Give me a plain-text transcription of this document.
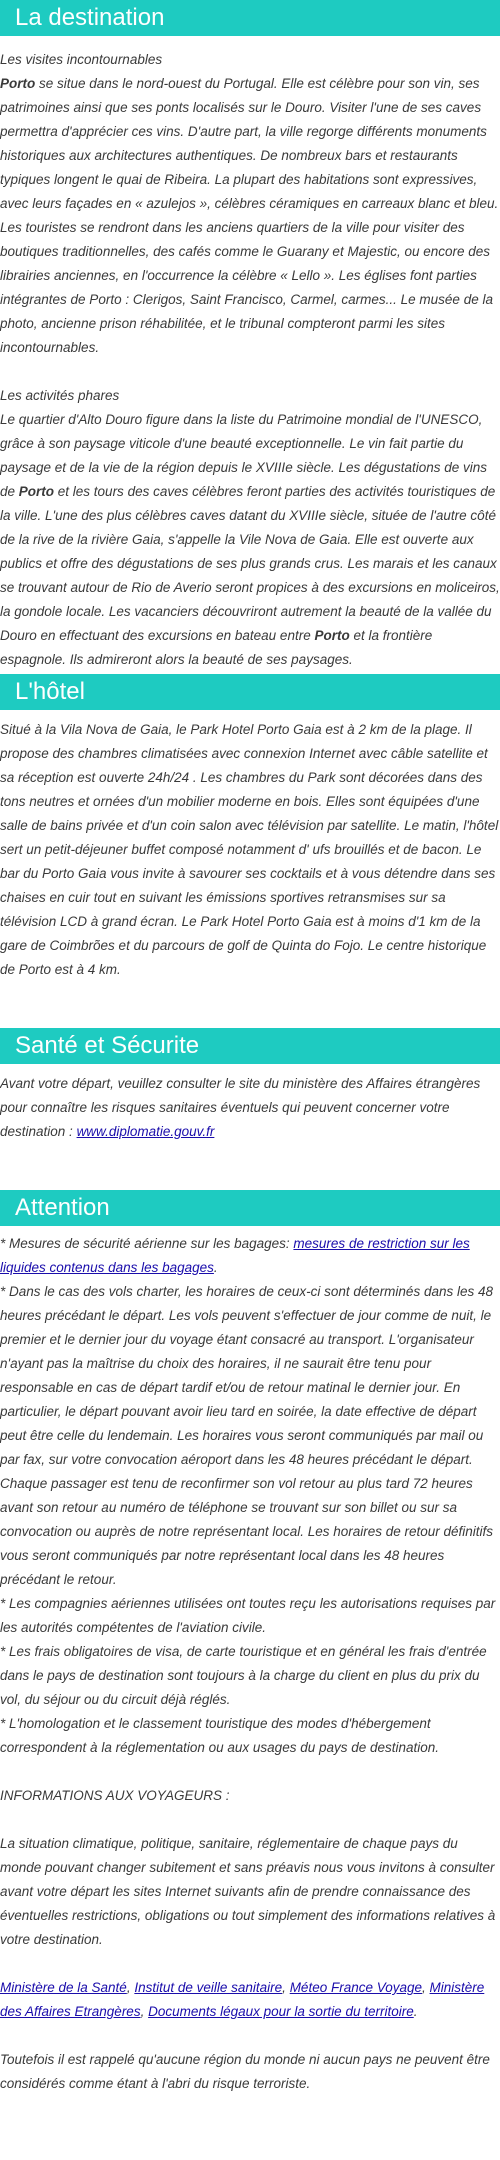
La destination

Les visites incontournables

Porto se situe dans le nord-ouest du Portugal. Elle est célèbre pour son vin, ses patrimoines ainsi que ses ponts localisés sur le Douro. Visiter l'une de ses caves permettra d'apprécier ces vins. D'autre part, la ville regorge différents monuments historiques aux architectures authentiques. De nombreux bars et restaurants typiques longent le quai de Ribeira. La plupart des habitations sont expressives, avec leurs façades en « azulejos », célèbres céramiques en carreaux blanc et bleu. Les touristes se rendront dans les anciens quartiers de la ville pour visiter des boutiques traditionnelles, des cafés comme le Guarany et Majestic, ou encore des librairies anciennes, en l'occurrence la célèbre « Lello ». Les églises font parties intégrantes de Porto : Clerigos, Saint Francisco, Carmel, carmes... Le musée de la photo, ancienne prison réhabilitée, et le tribunal compteront parmi les sites incontournables.

Les activités phares

Le quartier d'Alto Douro figure dans la liste du Patrimoine mondial de l'UNESCO, grâce à son paysage viticole d'une beauté exceptionnelle. Le vin fait partie du paysage et de la vie de la région depuis le XVIIIe siècle. Les dégustations de vins de Porto et les tours des caves célèbres feront parties des activités touristiques de la ville. L'une des plus célèbres caves datant du XVIIIe siècle, située de l'autre côté de la rive de la rivière Gaia, s'appelle la Vile Nova de Gaia. Elle est ouverte aux publics et offre des dégustations de ses plus grands crus. Les marais et les canaux se trouvant autour de Rio de Averio seront propices à des excursions en moliceiros, la gondole locale. Les vacanciers découvriront autrement la beauté de la vallée du Douro en effectuant des excursions en bateau entre Porto et la frontière espagnole. Ils admireront alors la beauté de ses paysages.

L'hôtel

Situé à la Vila Nova de Gaia, le Park Hotel Porto Gaia est à 2 km de la plage. Il propose des chambres climatisées avec connexion Internet avec câble satellite et sa réception est ouverte 24h/24 . Les chambres du Park sont décorées dans des tons neutres et ornées d'un mobilier moderne en bois. Elles sont équipées d'une salle de bains privée et d'un coin salon avec télévision par satellite. Le matin, l'hôtel sert un petit-déjeuner buffet composé notamment d' ufs brouillés et de bacon. Le bar du Porto Gaia vous invite à savourer ses cocktails et à vous détendre dans ses chaises en cuir tout en suivant les émissions sportives retransmises sur sa télévision LCD à grand écran. Le Park Hotel Porto Gaia est à moins d'1 km de la gare de Coimbrões et du parcours de golf de Quinta do Fojo. Le centre historique de Porto est à 4 km.

Santé et Sécurite

Avant votre départ, veuillez consulter le site du ministère des Affaires étrangères pour connaître les risques sanitaires éventuels qui peuvent concerner votre destination : www.diplomatie.gouv.fr

Attention

* Mesures de sécurité aérienne sur les bagages: mesures de restriction sur les liquides contenus dans les bagages.

* Dans le cas des vols charter, les horaires de ceux-ci sont déterminés dans les 48 heures précédant le départ. Les vols peuvent s'effectuer de jour comme de nuit, le premier et le dernier jour du voyage étant consacré au transport. L'organisateur n'ayant pas la maîtrise du choix des horaires, il ne saurait être tenu pour responsable en cas de départ tardif et/ou de retour matinal le dernier jour. En particulier, le départ pouvant avoir lieu tard en soirée, la date effective de départ peut être celle du lendemain. Les horaires vous seront communiqués par mail ou par fax, sur votre convocation aéroport dans les 48 heures précédant le départ. Chaque passager est tenu de reconfirmer son vol retour au plus tard 72 heures avant son retour au numéro de téléphone se trouvant sur son billet ou sur sa convocation ou auprès de notre représentant local. Les horaires de retour définitifs vous seront communiqués par notre représentant local dans les 48 heures précédant le retour.

* Les compagnies aériennes utilisées ont toutes reçu les autorisations requises par les autorités compétentes de l'aviation civile.

* Les frais obligatoires de visa, de carte touristique et en général les frais d'entrée dans le pays de destination sont toujours à la charge du client en plus du prix du vol, du séjour ou du circuit déjà réglés.

* L'homologation et le classement touristique des modes d'hébergement correspondent à la réglementation ou aux usages du pays de destination.

INFORMATIONS AUX VOYAGEURS :

La situation climatique, politique, sanitaire, réglementaire de chaque pays du monde pouvant changer subitement et sans préavis nous vous invitons à consulter avant votre départ les sites Internet suivants afin de prendre connaissance des éventuelles restrictions, obligations ou tout simplement des informations relatives à votre destination.

Ministère de la Santé, Institut de veille sanitaire, Méteo France Voyage, Ministère des Affaires Etrangères, Documents légaux pour la sortie du territoire.

Toutefois il est rappelé qu'aucune région du monde ni aucun pays ne peuvent être considérés comme étant à l'abri du risque terroriste.
